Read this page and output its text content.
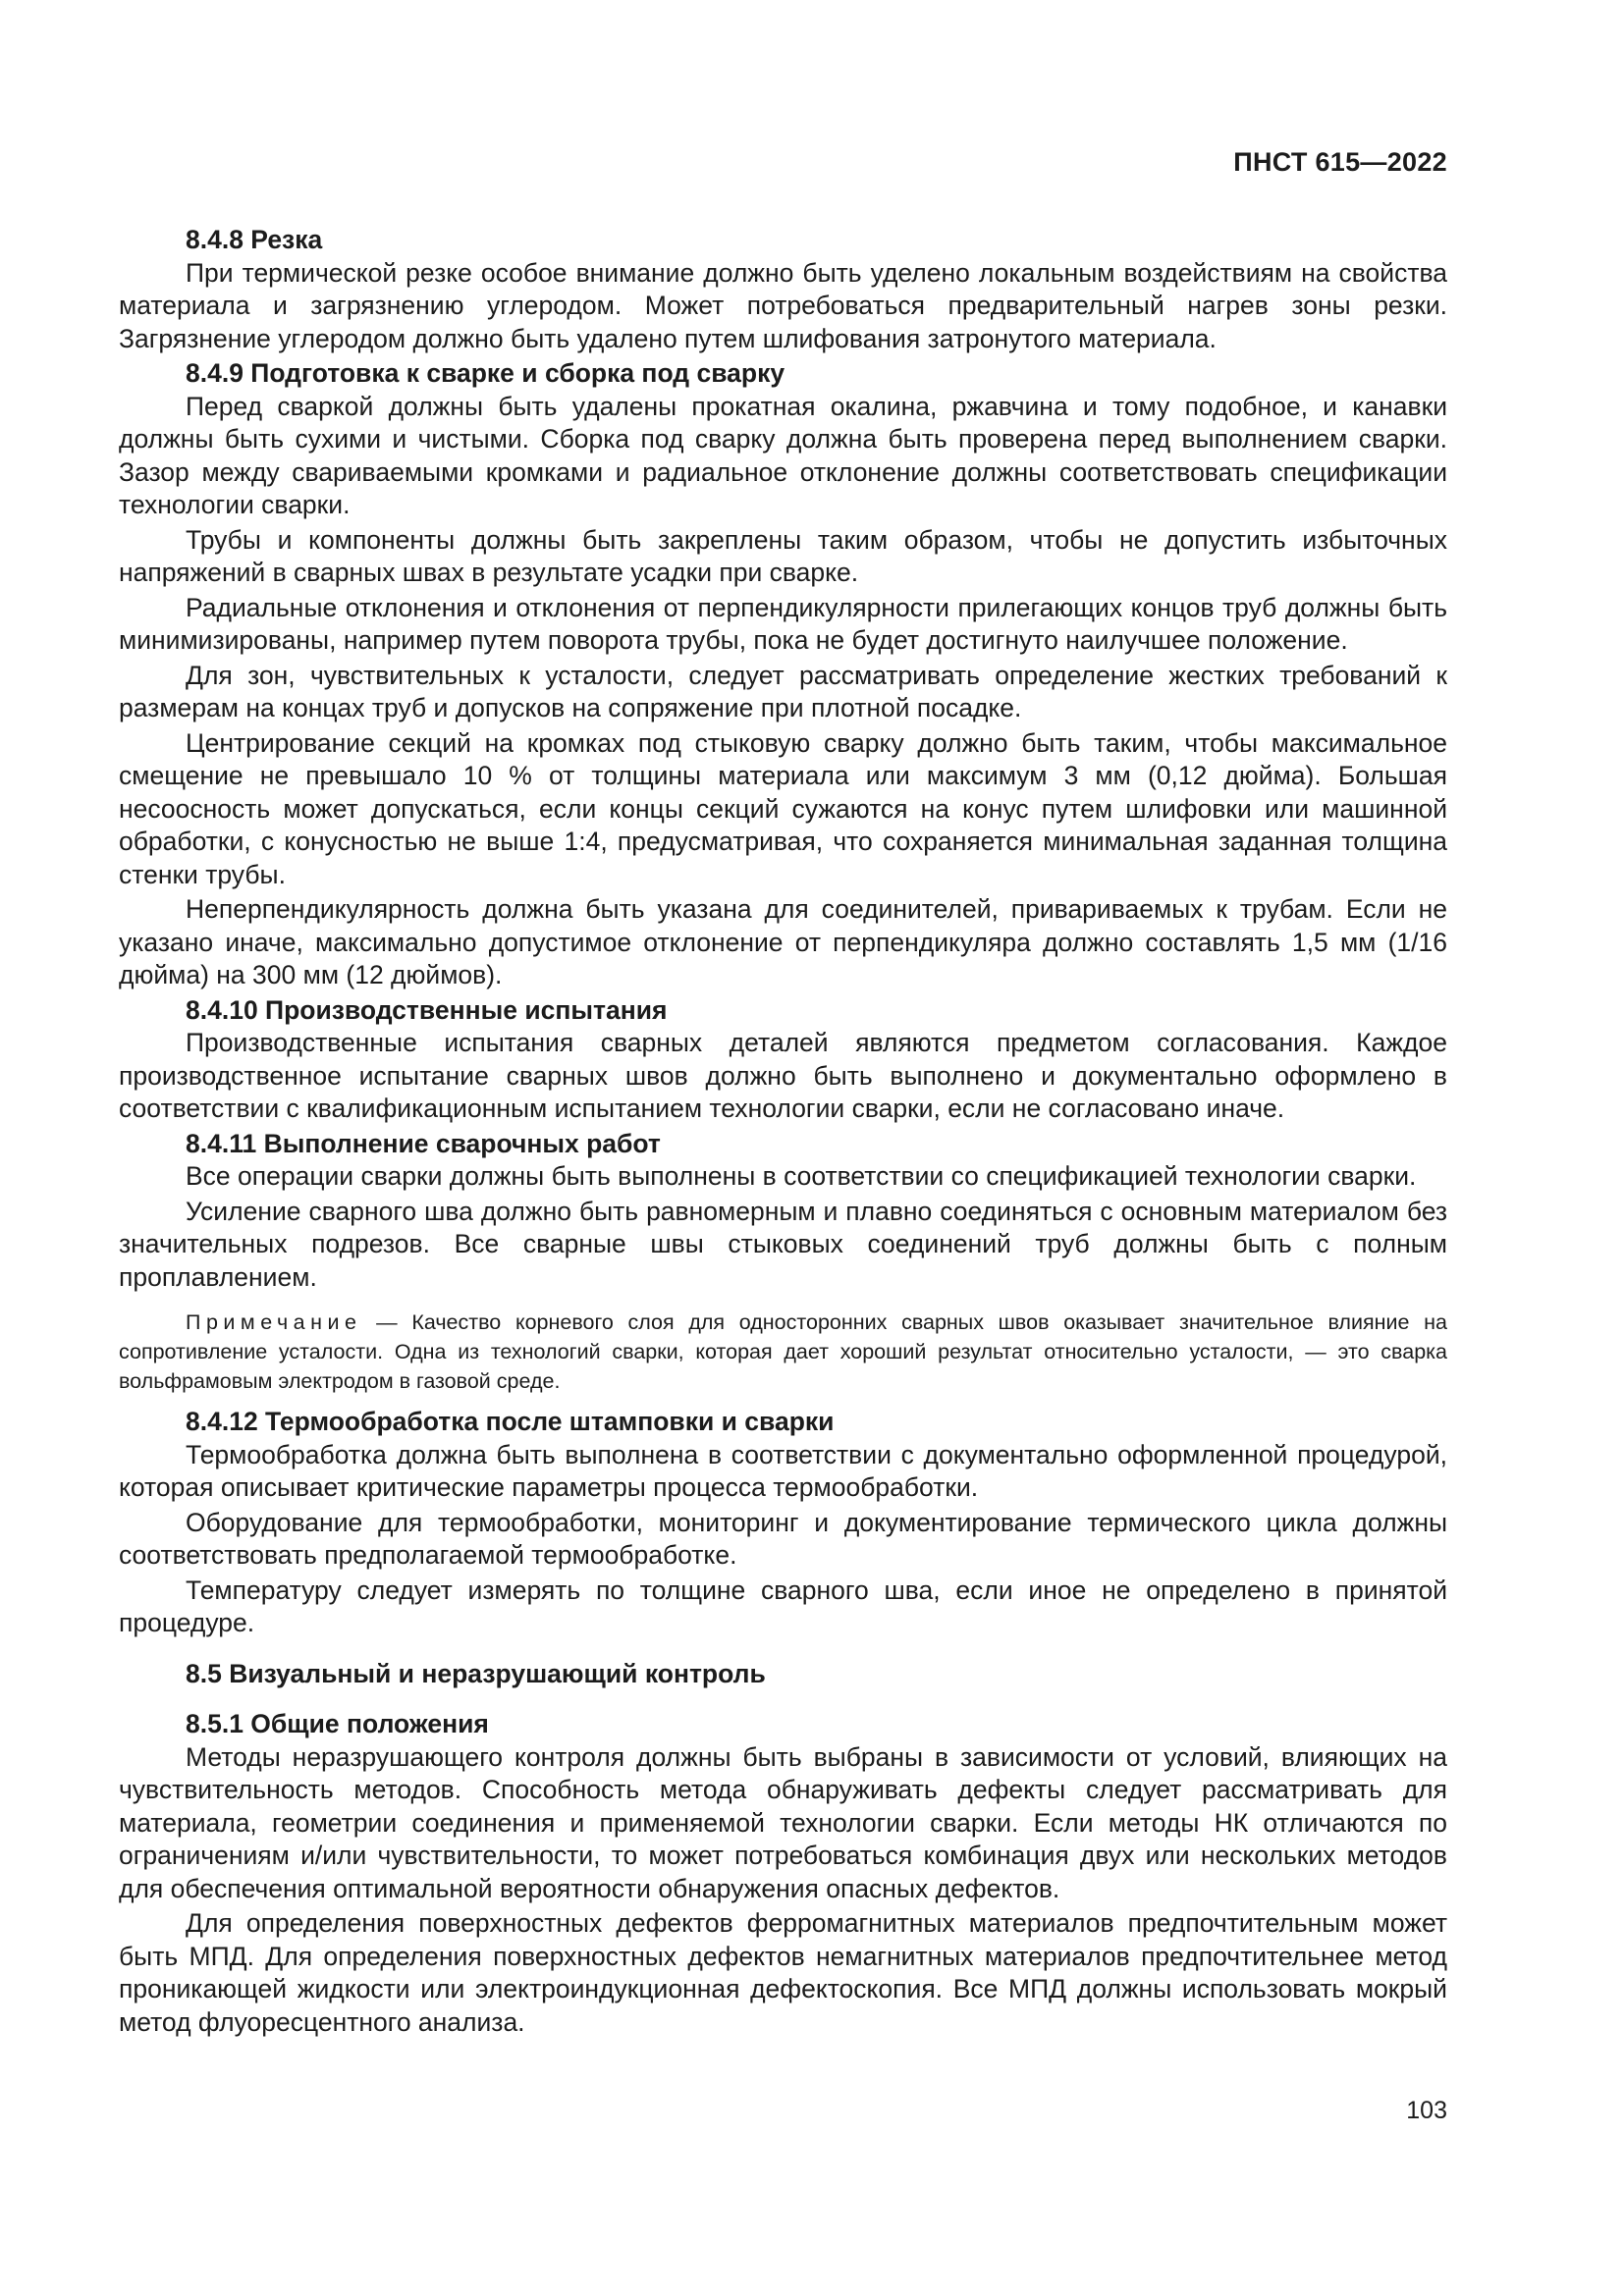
ПНСТ 615—2022

8.4.8 Резка

При термической резке особое внимание должно быть уделено локальным воздействиям на свойства материала и загрязнению углеродом. Может потребоваться предварительный нагрев зоны резки. Загрязнение углеродом должно быть удалено путем шлифования затронутого материала.

8.4.9 Подготовка к сварке и сборка под сварку

Перед сваркой должны быть удалены прокатная окалина, ржавчина и тому подобное, и канавки должны быть сухими и чистыми. Сборка под сварку должна быть проверена перед выполнением сварки. Зазор между свариваемыми кромками и радиальное отклонение должны соответствовать спецификации технологии сварки.

Трубы и компоненты должны быть закреплены таким образом, чтобы не допустить избыточных напряжений в сварных швах в результате усадки при сварке.

Радиальные отклонения и отклонения от перпендикулярности прилегающих концов труб должны быть минимизированы, например путем поворота трубы, пока не будет достигнуто наилучшее положение.

Для зон, чувствительных к усталости, следует рассматривать определение жестких требований к размерам на концах труб и допусков на сопряжение при плотной посадке.

Центрирование секций на кромках под стыковую сварку должно быть таким, чтобы максимальное смещение не превышало 10 % от толщины материала или максимум 3 мм (0,12 дюйма). Большая несоосность может допускаться, если концы секций сужаются на конус путем шлифовки или машинной обработки, с конусностью не выше 1:4, предусматривая, что сохраняется минимальная заданная толщина стенки трубы.

Неперпендикулярность должна быть указана для соединителей, привариваемых к трубам. Если не указано иначе, максимально допустимое отклонение от перпендикуляра должно составлять 1,5 мм (1/16 дюйма) на 300 мм (12 дюймов).

8.4.10 Производственные испытания

Производственные испытания сварных деталей являются предметом согласования. Каждое производственное испытание сварных швов должно быть выполнено и документально оформлено в соответствии с квалификационным испытанием технологии сварки, если не согласовано иначе.

8.4.11 Выполнение сварочных работ

Все операции сварки должны быть выполнены в соответствии со спецификацией технологии сварки.

Усиление сварного шва должно быть равномерным и плавно соединяться с основным материалом без значительных подрезов. Все сварные швы стыковых соединений труб должны быть с полным проплавлением.

Примечание — Качество корневого слоя для односторонних сварных швов оказывает значительное влияние на сопротивление усталости. Одна из технологий сварки, которая дает хороший результат относительно усталости, — это сварка вольфрамовым электродом в газовой среде.

8.4.12 Термообработка после штамповки и сварки

Термообработка должна быть выполнена в соответствии с документально оформленной процедурой, которая описывает критические параметры процесса термообработки.

Оборудование для термообработки, мониторинг и документирование термического цикла должны соответствовать предполагаемой термообработке.

Температуру следует измерять по толщине сварного шва, если иное не определено в принятой процедуре.

8.5 Визуальный и неразрушающий контроль

8.5.1 Общие положения

Методы неразрушающего контроля должны быть выбраны в зависимости от условий, влияющих на чувствительность методов. Способность метода обнаруживать дефекты следует рассматривать для материала, геометрии соединения и применяемой технологии сварки. Если методы НК отличаются по ограничениям и/или чувствительности, то может потребоваться комбинация двух или нескольких методов для обеспечения оптимальной вероятности обнаружения опасных дефектов.

Для определения поверхностных дефектов ферромагнитных материалов предпочтительным может быть МПД. Для определения поверхностных дефектов немагнитных материалов предпочтительнее метод проникающей жидкости или электроиндукционная дефектоскопия. Все МПД должны использовать мокрый метод флуоресцентного анализа.

103
